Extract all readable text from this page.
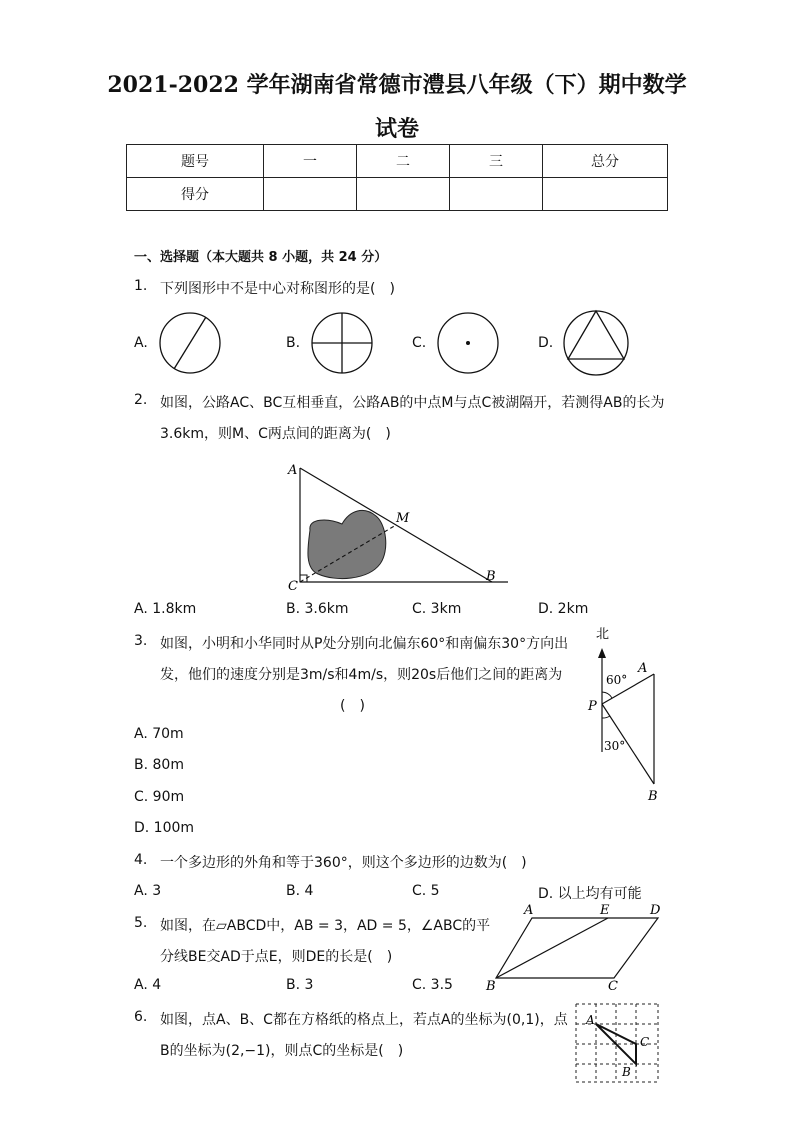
2021-2022 学年湖南省常德市澧县八年级（下）期中数学
试卷
题号	一	二	三	总分
得分				
一、选择题（本大题共 8 小题，共 24 分）
1. 下列图形中不是中心对称图形的是(　)
A.	B.	C.	D.
2. 如图，公路AC、BC互相垂直，公路AB的中点M与点C被湖隔开，若测得AB的长为
3.6km，则M、C两点间的距离为(　)
A
M
C
B
A. 1.8km	B. 3.6km	C. 3km	D. 2km
3. 如图，小明和小华同时从P处分别向北偏东60°和南偏东30°方向出
发，他们的速度分别是3m/s和4m/s，则20s后他们之间的距离为
(　)
北
60°
30°
A
P
B
A. 70m
B. 80m
C. 90m
D. 100m
4. 一个多边形的外角和等于360°，则这个多边形的边数为(　)
A. 3	B. 4	C. 5	D. 以上均有可能
5. 如图，在▱ABCD中，AB = 3，AD = 5，∠ABC的平
分线BE交AD于点E，则DE的长是(　)
A	E	D
B	C
A. 4	B. 3	C. 3.5
6. 如图，点A、B、C都在方格纸的格点上，若点A的坐标为(0,1)，点
B的坐标为(2,−1)，则点C的坐标是(　)
A
C
B
